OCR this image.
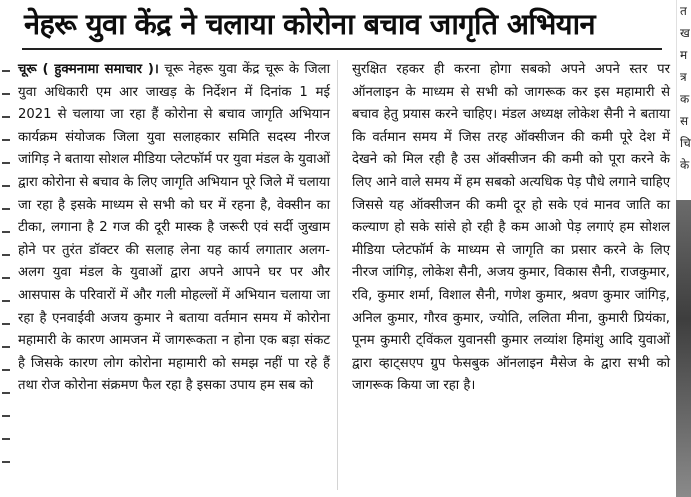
नेहरू युवा केंद्र ने चलाया कोरोना बचाव जागृति अभियान

चूरू ( हुक्मनामा समाचार )। चूरू नेहरू युवा केंद्र चूरू के जिला युवा अधिकारी एम आर जाखड़ के निर्देशन में दिनांक 1 मई 2021 से चलाया जा रहा हैं कोरोना से बचाव जागृति अभियान कार्यक्रम संयोजक जिला युवा सलाहकार समिति सदस्य नीरज जांगिड़ ने बताया सोशल मीडिया प्लेटफॉर्म पर युवा मंडल के युवाओं द्वारा कोरोना से बचाव के लिए जागृति अभियान पूरे जिले में चलाया जा रहा है इसके माध्यम से सभी को घर में रहना है, वेक्सीन का टीका, लगाना है 2 गज की दूरी मास्क है जरूरी एवं सर्दी जुखाम होने पर तुरंत डॉक्टर की सलाह लेना यह कार्य लगातार अलग-अलग युवा मंडल के युवाओं द्वारा अपने आपने घर पर और आसपास के परिवारों में और गली मोहल्लों में अभियान चलाया जा रहा है एनवाईवी अजय कुमार ने बताया वर्तमान समय में कोरोना महामारी के कारण आमजन में जागरूकता न होना एक बड़ा संकट है जिसके कारण लोग कोरोना महामारी को समझ नहीं पा रहे हैं तथा रोज कोरोना संक्रमण फैल रहा है इसका उपाय हम सब को

सुरक्षित रहकर ही करना होगा सबको अपने अपने स्तर पर ऑनलाइन के माध्यम से सभी को जागरूक कर इस महामारी से बचाव हेतु प्रयास करने चाहिए। मंडल अध्यक्ष लोकेश सैनी ने बताया कि वर्तमान समय में जिस तरह ऑक्सीजन की कमी पूरे देश में देखने को मिल रही है उस ऑक्सीजन की कमी को पूरा करने के लिए आने वाले समय में हम सबको अत्यधिक पेड़ पौधे लगाने चाहिए जिससे यह ऑक्सीजन की कमी दूर हो सके एवं मानव जाति का कल्याण हो सके सांसे हो रही है कम आओ पेड़ लगाएं हम सोशल मीडिया प्लेटफॉर्म के माध्यम से जागृति का प्रसार करने के लिए नीरज जांगिड़, लोकेश सैनी, अजय कुमार, विकास सैनी, राजकुमार, रवि, कुमार शर्मा, विशाल सैनी, गणेश कुमार, श्रवण कुमार जांगिड़, अनिल कुमार, गौरव कुमार, ज्योति, ललिता मीना, कुमारी प्रियंका, पूनम कुमारी ट्विंकल युवानसी कुमार लव्यांश हिमांशु आदि युवाओं द्वारा व्हाट्सएप ग्रुप फेसबुक ऑनलाइन मैसेज के द्वारा सभी को जागरूक किया जा रहा है।

त
ख
म
त्र
क
स
चि
के
